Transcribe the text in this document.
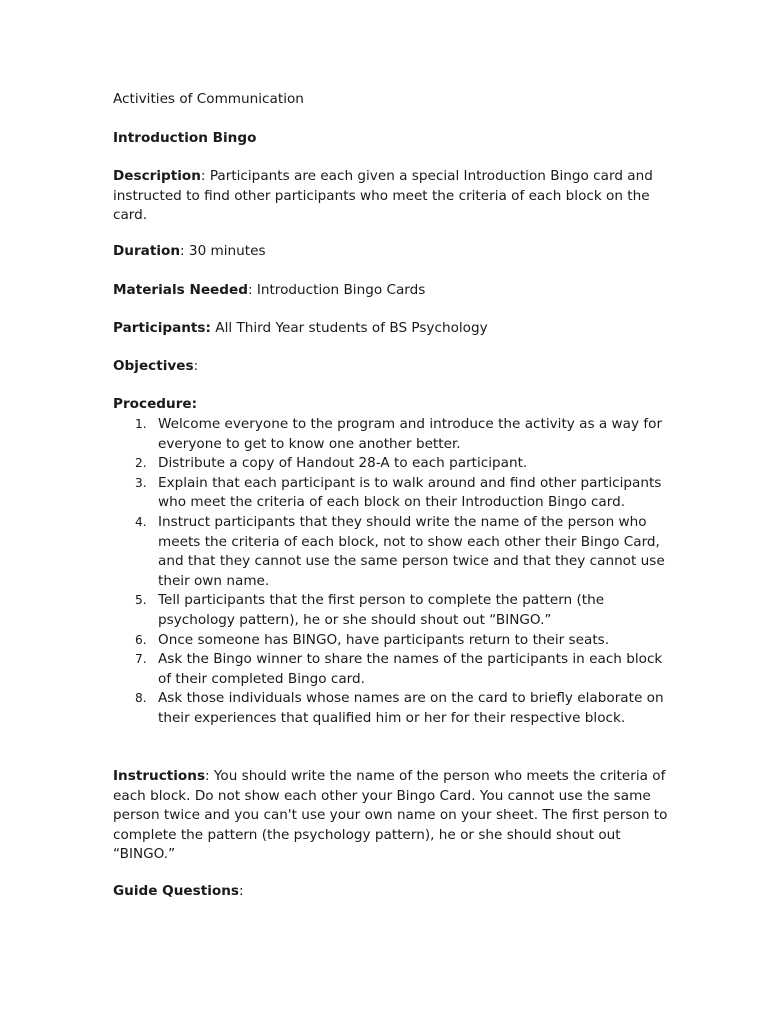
Activities of Communication

Introduction Bingo

Description: Participants are each given a special Introduction Bingo card and instructed to find other participants who meet the criteria of each block on the card.

Duration: 30 minutes

Materials Needed: Introduction Bingo Cards

Participants: All Third Year students of BS Psychology

Objectives:

Procedure:

1. Welcome everyone to the program and introduce the activity as a way for everyone to get to know one another better.
2. Distribute a copy of Handout 28-A to each participant.
3. Explain that each participant is to walk around and find other participants who meet the criteria of each block on their Introduction Bingo card.
4. Instruct participants that they should write the name of the person who meets the criteria of each block, not to show each other their Bingo Card, and that they cannot use the same person twice and that they cannot use their own name.
5. Tell participants that the first person to complete the pattern (the psychology pattern), he or she should shout out “BINGO.”
6. Once someone has BINGO, have participants return to their seats.
7. Ask the Bingo winner to share the names of the participants in each block of their completed Bingo card.
8. Ask those individuals whose names are on the card to briefly elaborate on their experiences that qualified him or her for their respective block.

Instructions: You should write the name of the person who meets the criteria of each block. Do not show each other your Bingo Card. You cannot use the same person twice and you can't use your own name on your sheet. The first person to complete the pattern (the psychology pattern), he or she should shout out “BINGO.”

Guide Questions:
